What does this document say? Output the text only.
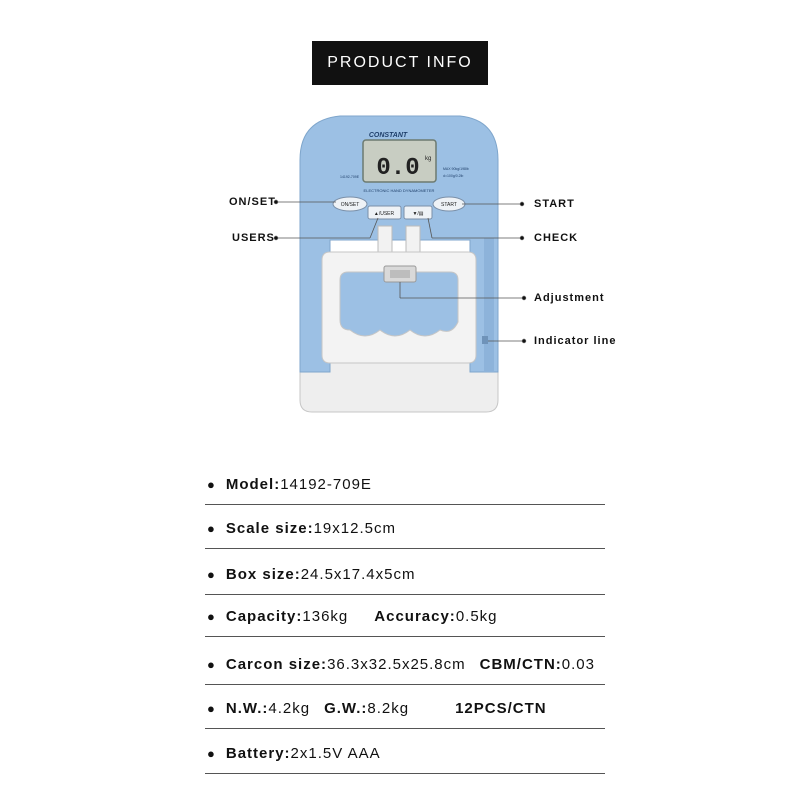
PRODUCT INFO
0.0 kg
CONSTANT
14192-709E
MAX 90kg/198lb
d=100g/0.2lb
ELECTRONIC HAND DYNAMOMETER
ON/SET
▲/USER	▼/▤
START
ON/SET
USERS
START
CHECK
Adjustment
Indicator line
● Model: 14192-709E
● Scale size: 19x12.5cm
● Box size: 24.5x17.4x5cm
● Capacity: 136kg Accuracy: 0.5kg
● Carcon size: 36.3x32.5x25.8cm CBM/CTN: 0.03
● N.W.: 4.2kg G.W.: 8.2kg	12PCS/CTN
● Battery: 2x1.5V AAA
